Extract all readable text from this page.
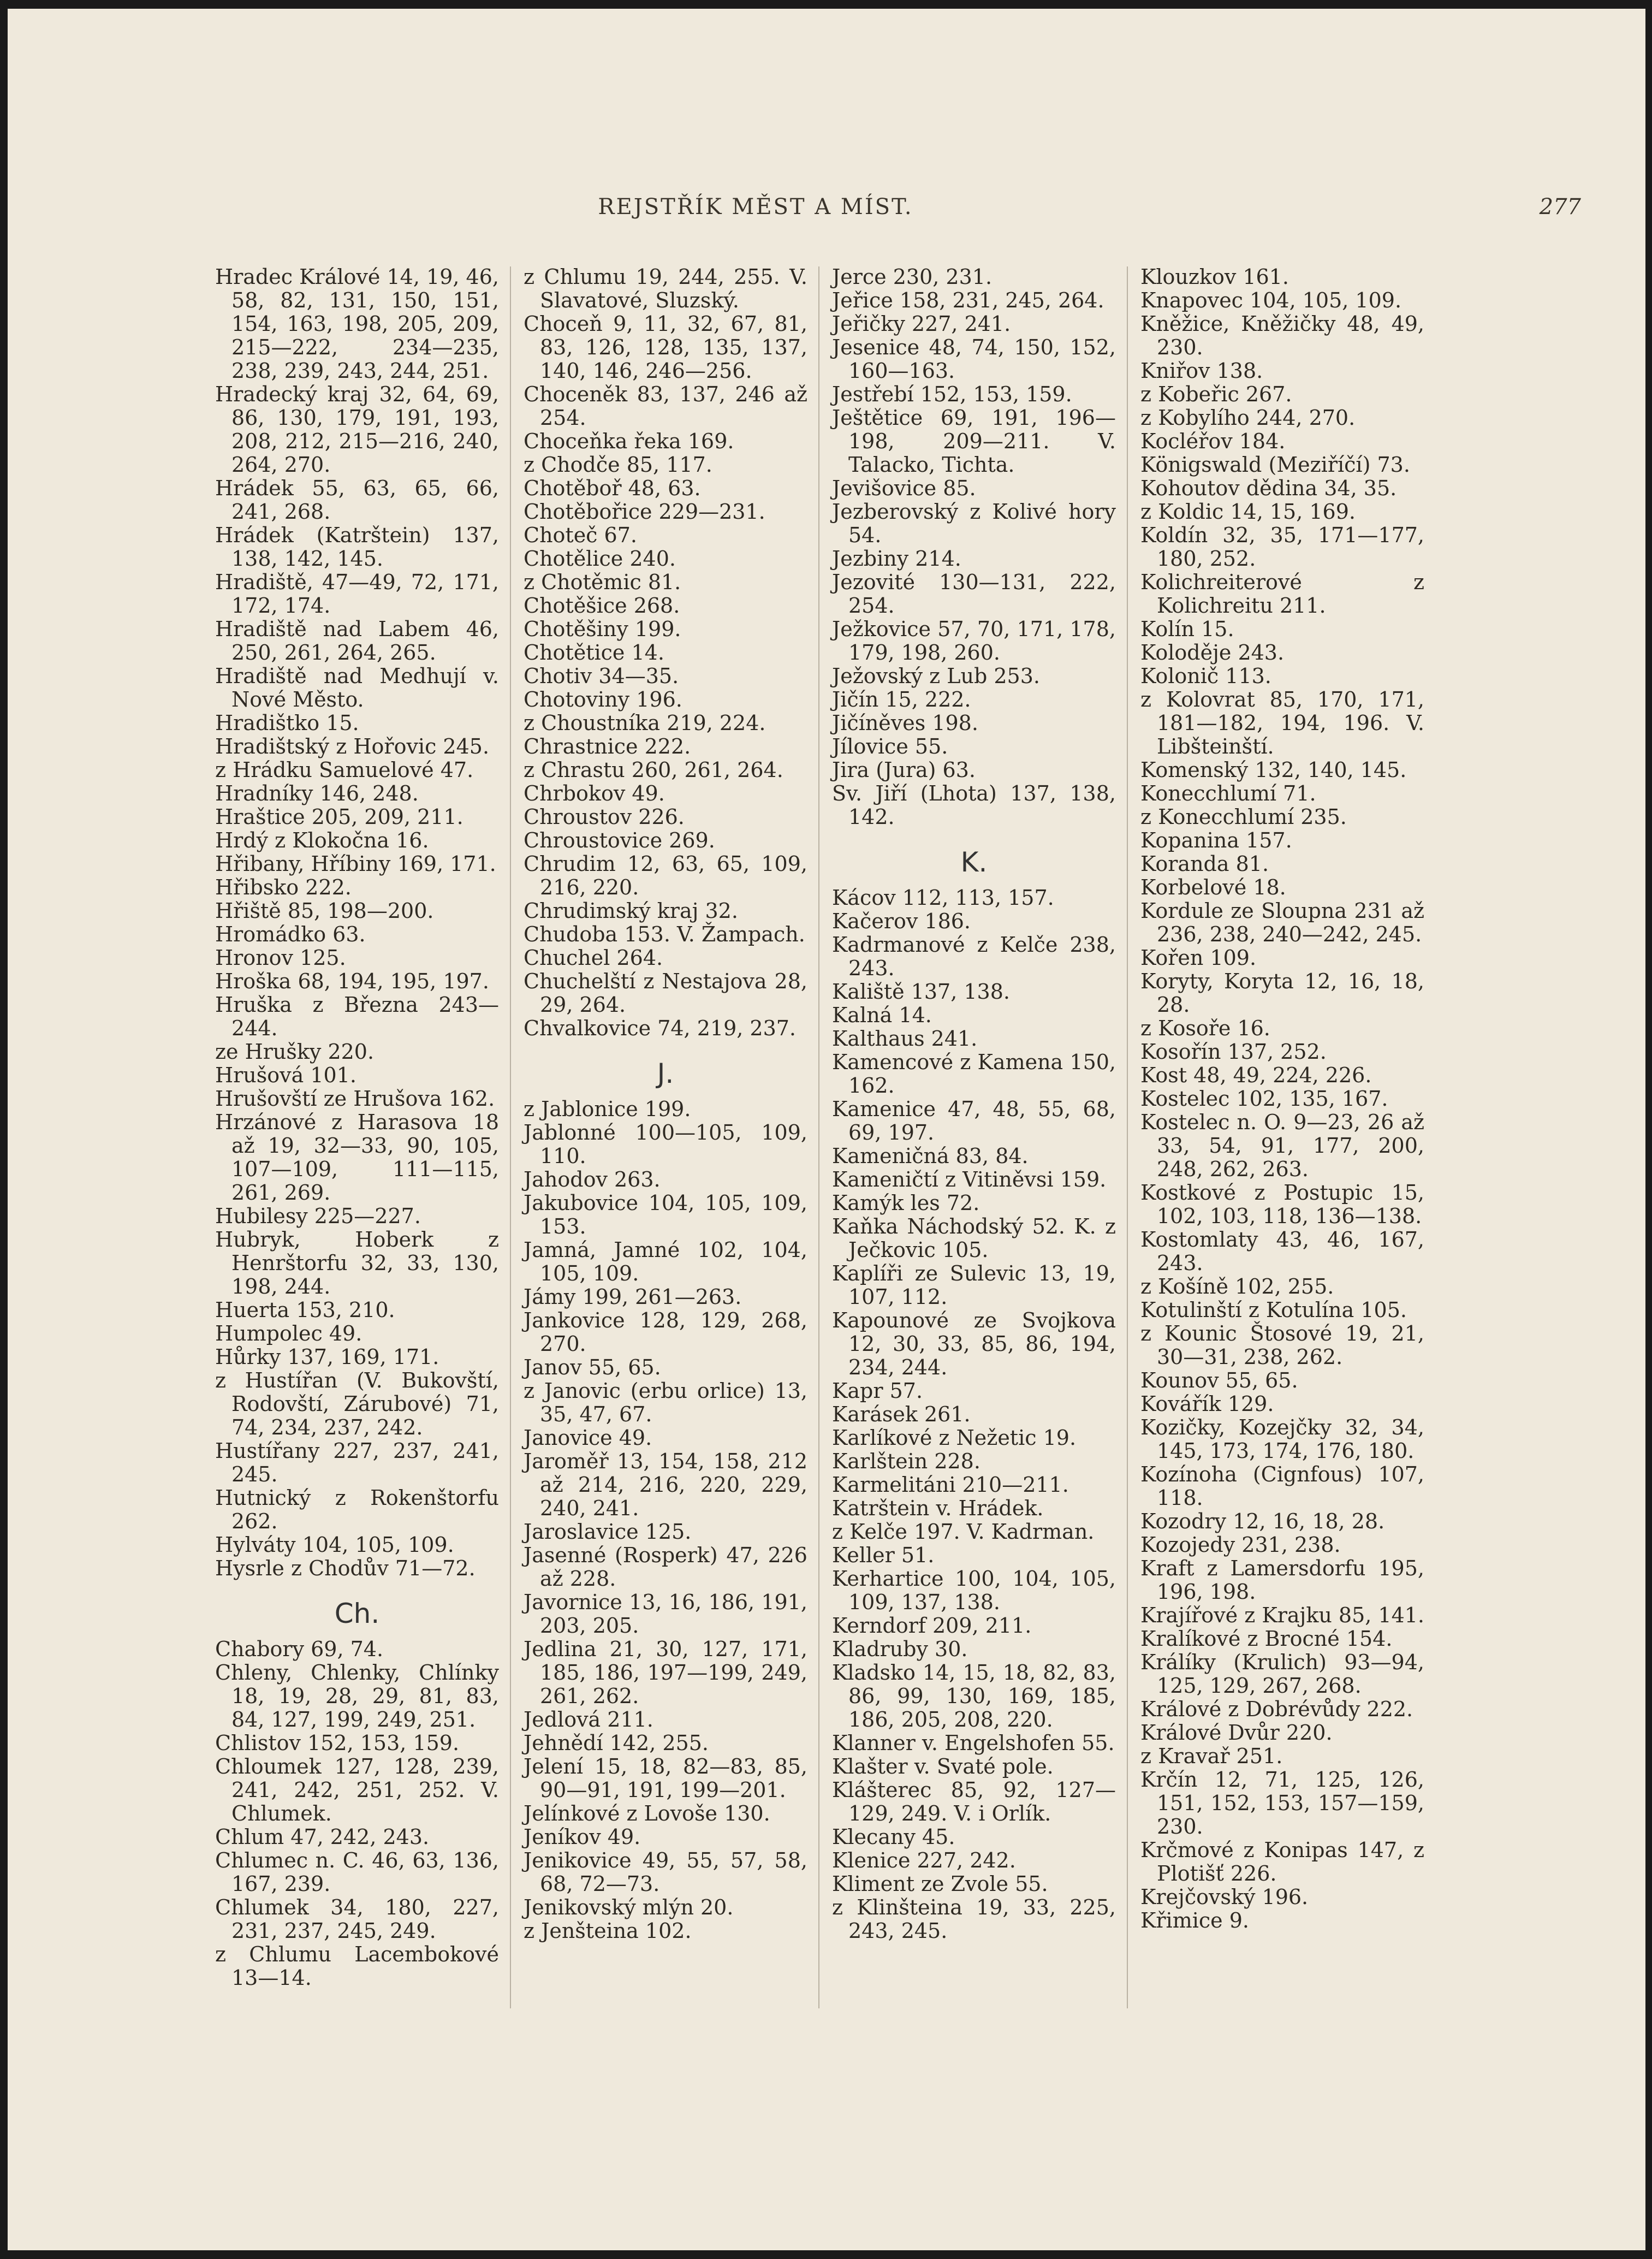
REJSTŘÍK MĚST A MÍST.	277
Hradec Králové 14, 19, 46, 58, 82, 131, 150, 151, 154, 163, 198, 205, 209, 215—222, 234—235, 238, 239, 243, 244, 251.
Hradecký kraj 32, 64, 69, 86, 130, 179, 191, 193, 208, 212, 215—216, 240, 264, 270.
Hrádek 55, 63, 65, 66, 241, 268.
Hrádek (Katrštein) 137, 138, 142, 145.
Hradiště, 47—49, 72, 171, 172, 174.
Hradiště nad Labem 46, 250, 261, 264, 265.
Hradiště nad Medhují v. Nové Město.
Hradištko 15.
Hradištský z Hořovic 245.
z Hrádku Samuelové 47.
Hradníky 146, 248.
Hraštice 205, 209, 211.
Hrdý z Klokočna 16.
Hřibany, Hříbiny 169, 171.
Hřibsko 222.
Hřiště 85, 198—200.
Hromádko 63.
Hronov 125.
Hroška 68, 194, 195, 197.
Hruška z Března 243—244.
ze Hrušky 220.
Hrušová 101.
Hrušovští ze Hrušova 162.
Hrzánové z Harasova 18 až 19, 32—33, 90, 105, 107—109, 111—115, 261, 269.
Hubilesy 225—227.
Hubryk, Hoberk z Henrštorfu 32, 33, 130, 198, 244.
Huerta 153, 210.
Humpolec 49.
Hůrky 137, 169, 171.
z Hustířan (V. Bukovští, Rodovští, Zárubové) 71, 74, 234, 237, 242.
Hustířany 227, 237, 241, 245.
Hutnický z Rokenštorfu 262.
Hylváty 104, 105, 109.
Hysrle z Chodův 71—72.
Ch.
Chabory 69, 74.
Chleny, Chlenky, Chlínky 18, 19, 28, 29, 81, 83, 84, 127, 199, 249, 251.
Chlistov 152, 153, 159.
Chloumek 127, 128, 239, 241, 242, 251, 252. V. Chlumek.
Chlum 47, 242, 243.
Chlumec n. C. 46, 63, 136, 167, 239.
Chlumek 34, 180, 227, 231, 237, 245, 249.
z Chlumu Lacembokové 13—14.
z Chlumu 19, 244, 255. V. Slavatové, Sluzský.
Choceň 9, 11, 32, 67, 81, 83, 126, 128, 135, 137, 140, 146, 246—256.
Choceněk 83, 137, 246 až 254.
Choceňka řeka 169.
z Chodče 85, 117.
Chotěboř 48, 63.
Chotěbořice 229—231.
Choteč 67.
Chotělice 240.
z Chotěmic 81.
Chotěšice 268.
Chotěšiny 199.
Chotětice 14.
Chotiv 34—35.
Chotoviny 196.
z Choustníka 219, 224.
Chrastnice 222.
z Chrastu 260, 261, 264.
Chrbokov 49.
Chroustov 226.
Chroustovice 269.
Chrudim 12, 63, 65, 109, 216, 220.
Chrudimský kraj 32.
Chudoba 153. V. Žampach.
Chuchel 264.
Chuchelští z Nestajova 28, 29, 264.
Chvalkovice 74, 219, 237.
J.
z Jablonice 199.
Jablonné 100—105, 109, 110.
Jahodov 263.
Jakubovice 104, 105, 109, 153.
Jamná, Jamné 102, 104, 105, 109.
Jámy 199, 261—263.
Jankovice 128, 129, 268, 270.
Janov 55, 65.
z Janovic (erbu orlice) 13, 35, 47, 67.
Janovice 49.
Jaroměř 13, 154, 158, 212 až 214, 216, 220, 229, 240, 241.
Jaroslavice 125.
Jasenné (Rosperk) 47, 226 až 228.
Javornice 13, 16, 186, 191, 203, 205.
Jedlina 21, 30, 127, 171, 185, 186, 197—199, 249, 261, 262.
Jedlová 211.
Jehnědí 142, 255.
Jelení 15, 18, 82—83, 85, 90—91, 191, 199—201.
Jelínkové z Lovoše 130.
Jeníkov 49.
Jenikovice 49, 55, 57, 58, 68, 72—73.
Jenikovský mlýn 20.
z Jenšteina 102.
Jerce 230, 231.
Jeřice 158, 231, 245, 264.
Jeřičky 227, 241.
Jesenice 48, 74, 150, 152, 160—163.
Jestřebí 152, 153, 159.
Ještětice 69, 191, 196—198, 209—211. V. Talacko, Tichta.
Jevišovice 85.
Jezberovský z Kolivé hory 54.
Jezbiny 214.
Jezovité 130—131, 222, 254.
Ježkovice 57, 70, 171, 178, 179, 198, 260.
Ježovský z Lub 253.
Jičín 15, 222.
Jičíněves 198.
Jílovice 55.
Jira (Jura) 63.
Sv. Jiří (Lhota) 137, 138, 142.
K.
Kácov 112, 113, 157.
Kačerov 186.
Kadrmanové z Kelče 238, 243.
Kaliště 137, 138.
Kalná 14.
Kalthaus 241.
Kamencové z Kamena 150, 162.
Kamenice 47, 48, 55, 68, 69, 197.
Kameničná 83, 84.
Kameničtí z Vitiněvsi 159.
Kamýk les 72.
Kaňka Náchodský 52. K. z Ječkovic 105.
Kaplíři ze Sulevic 13, 19, 107, 112.
Kapounové ze Svojkova 12, 30, 33, 85, 86, 194, 234, 244.
Kapr 57.
Karásek 261.
Karlíkové z Nežetic 19.
Karlštein 228.
Karmelitáni 210—211.
Katrštein v. Hrádek.
z Kelče 197. V. Kadrman.
Keller 51.
Kerhartice 100, 104, 105, 109, 137, 138.
Kerndorf 209, 211.
Kladruby 30.
Kladsko 14, 15, 18, 82, 83, 86, 99, 130, 169, 185, 186, 205, 208, 220.
Klanner v. Engelshofen 55.
Klašter v. Svaté pole.
Klášterec 85, 92, 127—129, 249. V. i Orlík.
Klecany 45.
Klenice 227, 242.
Kliment ze Zvole 55.
z Klinšteina 19, 33, 225, 243, 245.
Klouzkov 161.
Knapovec 104, 105, 109.
Kněžice, Kněžičky 48, 49, 230.
Kniřov 138.
z Kobeřic 267.
z Kobylího 244, 270.
Kocléřov 184.
Königswald (Meziříčí) 73.
Kohoutov dědina 34, 35.
z Koldic 14, 15, 169.
Koldín 32, 35, 171—177, 180, 252.
Kolichreiterové z Kolichreitu 211.
Kolín 15.
Koloděje 243.
Kolonič 113.
z Kolovrat 85, 170, 171, 181—182, 194, 196. V. Libšteinští.
Komenský 132, 140, 145.
Konecchlumí 71.
z Konecchlumí 235.
Kopanina 157.
Koranda 81.
Korbelové 18.
Kordule ze Sloupna 231 až 236, 238, 240—242, 245.
Kořen 109.
Koryty, Koryta 12, 16, 18, 28.
z Kosoře 16.
Kosořín 137, 252.
Kost 48, 49, 224, 226.
Kostelec 102, 135, 167.
Kostelec n. O. 9—23, 26 až 33, 54, 91, 177, 200, 248, 262, 263.
Kostkové z Postupic 15, 102, 103, 118, 136—138.
Kostomlaty 43, 46, 167, 243.
z Košíně 102, 255.
Kotulinští z Kotulína 105.
z Kounic Štosové 19, 21, 30—31, 238, 262.
Kounov 55, 65.
Kovářík 129.
Kozičky, Kozejčky 32, 34, 145, 173, 174, 176, 180.
Kozínoha (Cignfous) 107, 118.
Kozodry 12, 16, 18, 28.
Kozojedy 231, 238.
Kraft z Lamersdorfu 195, 196, 198.
Krajířové z Krajku 85, 141.
Kralíkové z Brocné 154.
Králíky (Krulich) 93—94, 125, 129, 267, 268.
Králové z Dobrévůdy 222.
Králové Dvůr 220.
z Kravař 251.
Krčín 12, 71, 125, 126, 151, 152, 153, 157—159, 230.
Krčmové z Konipas 147, z Plotišť 226.
Krejčovský 196.
Křimice 9.
